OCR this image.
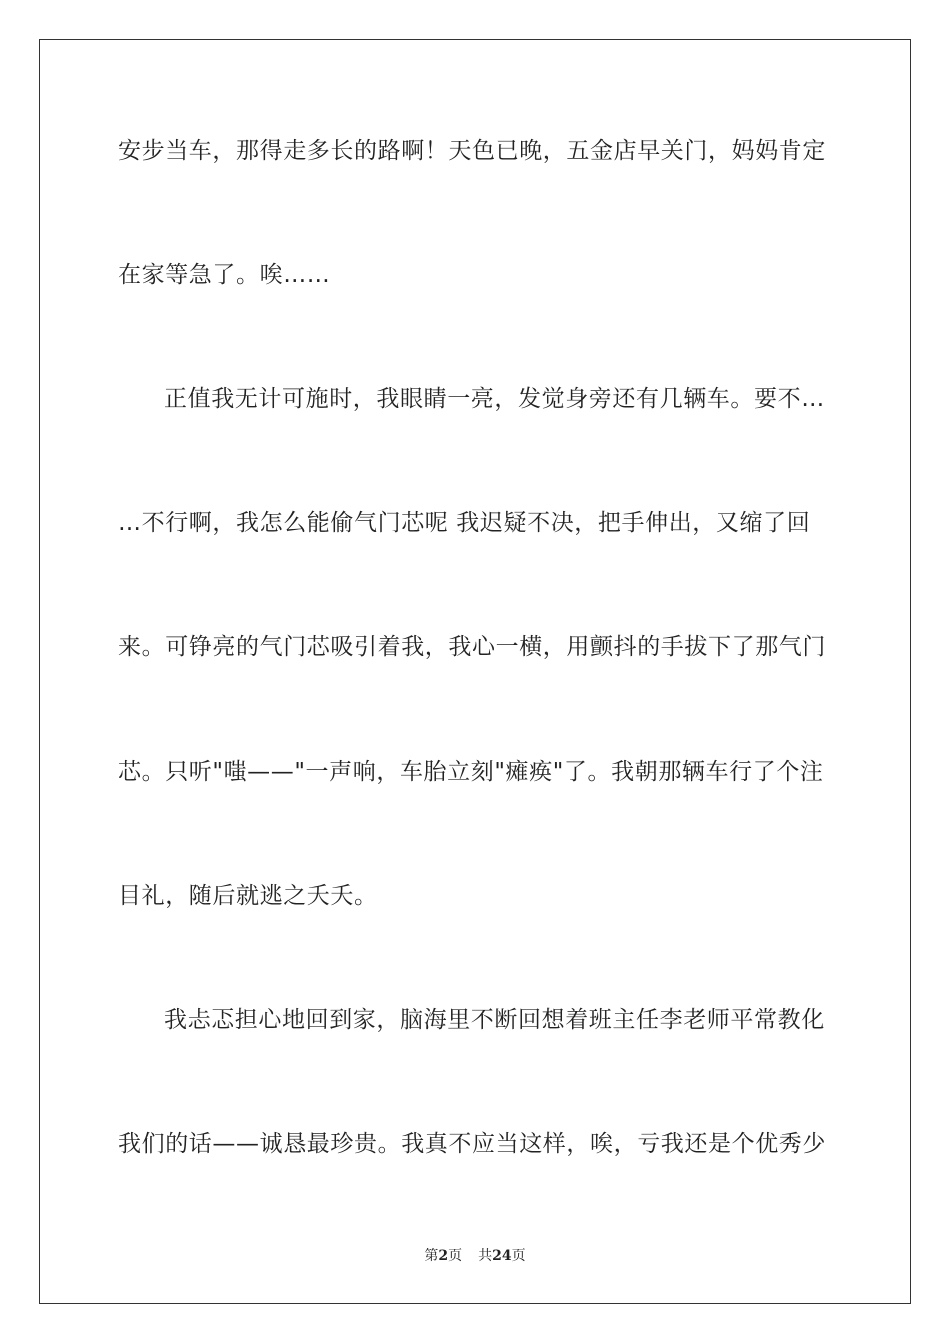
安步当车，那得走多长的路啊！天色已晚，五金店早关门，妈妈肯定
在家等急了。唉……
正值我无计可施时，我眼睛一亮，发觉身旁还有几辆车。要不…
…不行啊，我怎么能偷气门芯呢 我迟疑不决，把手伸出，又缩了回
来。可铮亮的气门芯吸引着我，我心一横，用颤抖的手拔下了那气门
芯。只听"嗤——"一声响，车胎立刻"瘫痪"了。我朝那辆车行了个注
目礼，随后就逃之夭夭。
我忐忑担心地回到家，脑海里不断回想着班主任李老师平常教化
我们的话——诚恳最珍贵。我真不应当这样，唉，亏我还是个优秀少
第2页 共24页
